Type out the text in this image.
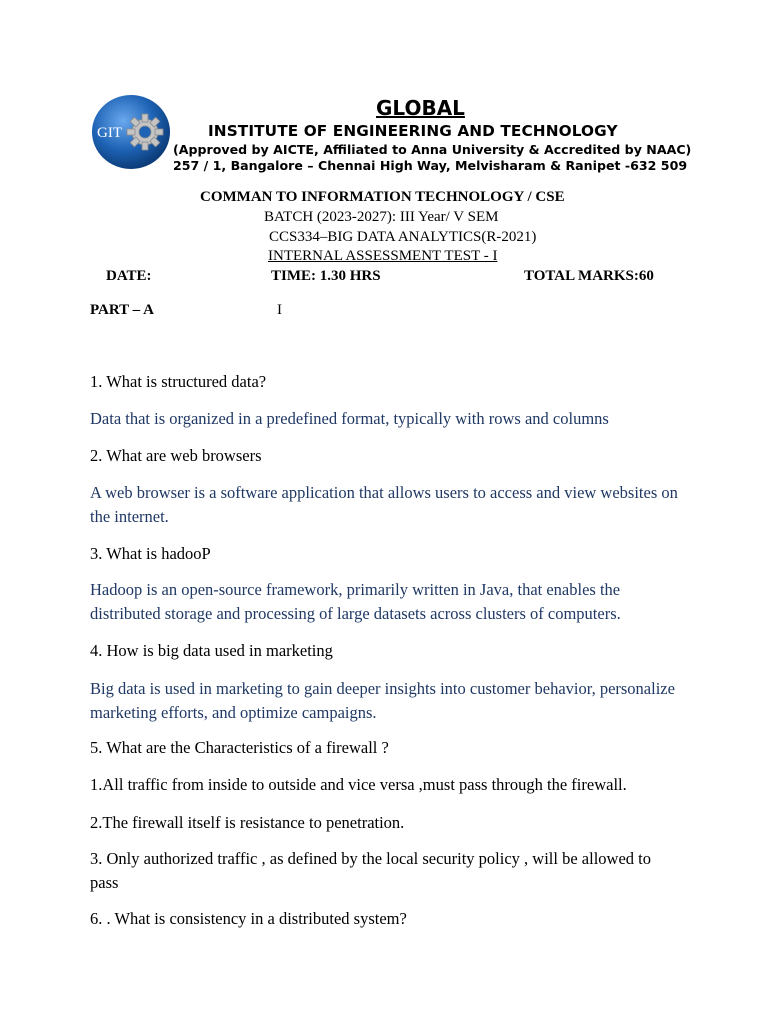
GIT
GLOBAL
INSTITUTE OF ENGINEERING AND TECHNOLOGY
(Approved by AICTE, Affiliated to Anna University & Accredited by NAAC)
257 / 1, Bangalore – Chennai High Way, Melvisharam & Ranipet -632 509
COMMAN TO INFORMATION TECHNOLOGY / CSE
BATCH (2023-2027): III Year/ V SEM
CCS334–BIG DATA ANALYTICS(R-2021)
INTERNAL ASSESSMENT TEST - I
DATE:	TIME: 1.30 HRS	TOTAL MARKS:60
PART – A	I
1. What is structured data?
Data that is organized in a predefined format, typically with rows and columns
2. What are web browsers
A web browser is a software application that allows users to access and view websites on the internet.
3. What is hadooP
Hadoop is an open-source framework, primarily written in Java, that enables the distributed storage and processing of large datasets across clusters of computers.
4. How is big data used in marketing
Big data is used in marketing to gain deeper insights into customer behavior, personalize marketing efforts, and optimize campaigns.
5. What are the Characteristics of a firewall ?
1.All traffic from inside to outside and vice versa ,must pass through the firewall.
2.The firewall itself is resistance to penetration.
3. Only authorized traffic , as defined by the local security policy , will be allowed to pass
6. . What is consistency in a distributed system?
